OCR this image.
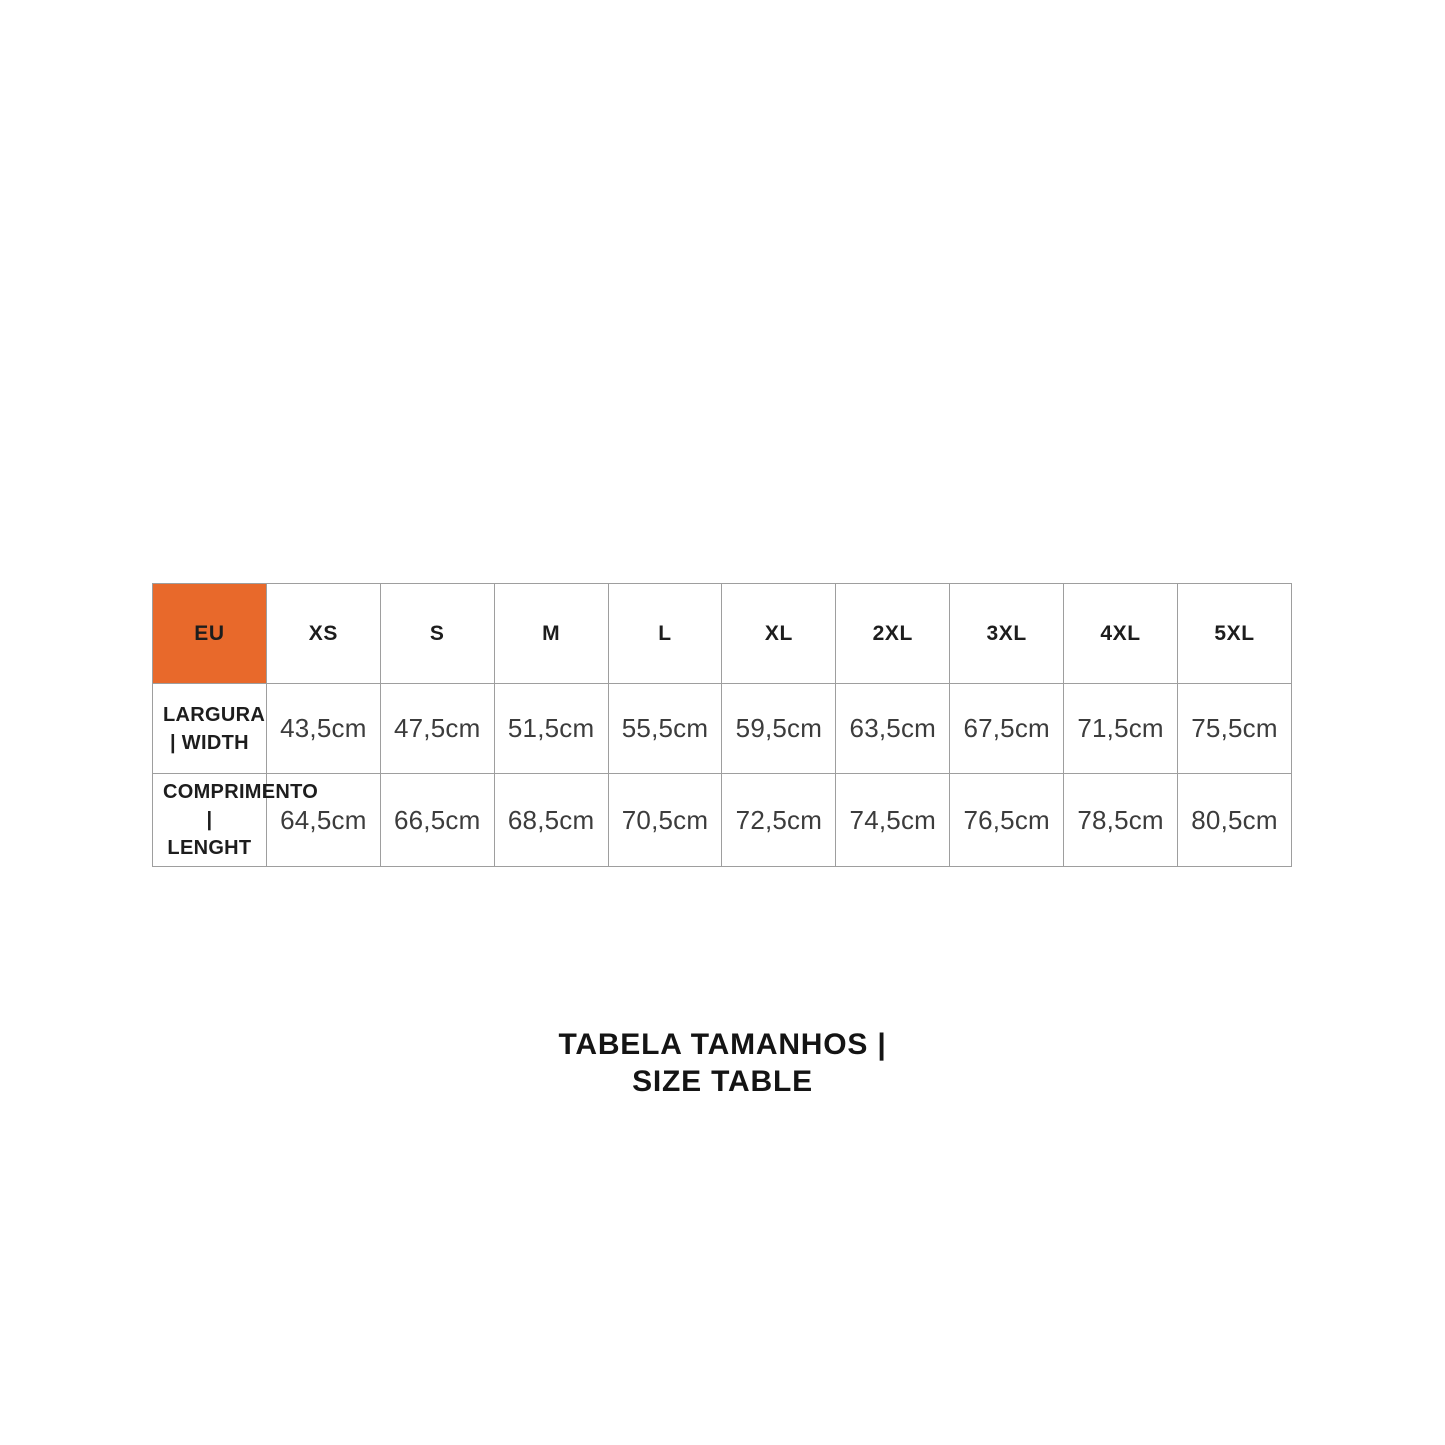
EU	XS	S	M	L	XL	2XL	3XL	4XL	5XL
LARGURA | WIDTH	43,5cm	47,5cm	51,5cm	55,5cm	59,5cm	63,5cm	67,5cm	71,5cm	75,5cm
COMPRIMENTO | LENGHT	64,5cm	66,5cm	68,5cm	70,5cm	72,5cm	74,5cm	76,5cm	78,5cm	80,5cm
TABELA TAMANHOS |
SIZE TABLE
